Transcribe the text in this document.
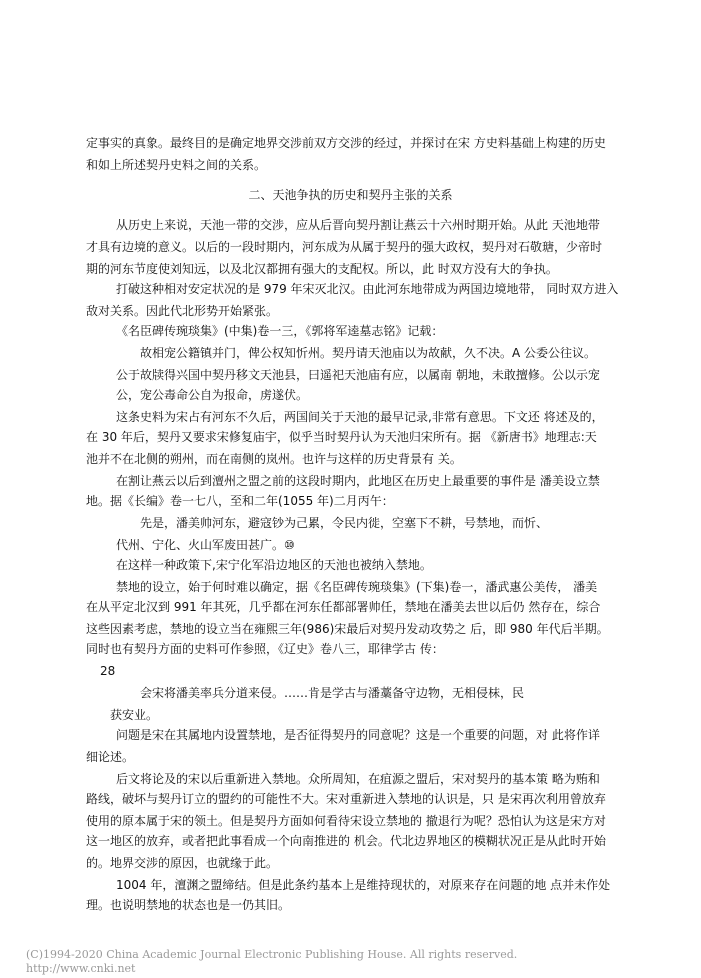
定事实的真象。最终目的是确定地界交涉前双方交涉的经过，并探讨在宋 方史料基础上构建的历史
和如上所述契丹史料之间的关系。
二、天池争执的历史和契丹主张的关系
从历史上来说，天池一带的交涉，应从后晋向契丹割让燕云十六州时期开始。从此 天池地带
才具有边境的意义。以后的一段时期内，河东成为从属于契丹的强大政权，契丹对石敬瑭，少帝时
期的河东节度使刘知远，以及北汉都拥有强大的支配权。所以，此 时双方没有大的争执。
打破这种相对安定状况的是 979 年宋灭北汉。由此河东地带成为两国边境地带， 同时双方进入
敌对关系。因此代北形势开始紧张。
《名臣碑传琬琰集》(中集)卷一三，《郭将军逵墓志铭》记载：
故相宠公籍镇并门，俾公权知忻州。契丹请天池庙以为故献，久不决。A 公委公往议。
公于故牍得兴国中契丹移文天池县，曰遥祀天池庙有应，以属南 朝地，未敢擅修。公以示宠
公，宠公毒命公自为报命，虏遂伏。
这条史料为宋占有河东不久后，两国间关于天池的最早记录,非常有意思。下文还 将述及的，
在 30 年后，契丹又要求宋修复庙宇，似乎当时契丹认为天池归宋所有。据 《新唐书》地理志:天
池并不在北侧的朔州，而在南侧的岚州。也许与这样的历史背景有 关。
在割让燕云以后到澶州之盟之前的这段时期内，此地区在历史上最重要的事件是 潘美设立禁
地。据《长编》卷一七八，至和二年(1055 年)二月丙午：
先是，潘美帅河东，避寇钞为己累，令民内徙，空塞下不耕，号禁地，而忻、
代州、宁化、火山军废田甚广。⑩
在这样一种政策下,宋宁化军沿边地区的天池也被纳入禁地。
禁地的设立，始于何时难以确定，据《名臣碑传琬琰集》(下集)卷一，潘武惠公美传， 潘美
在从平定北汉到 991 年其死，几乎都在河东任都部署帅任，禁地在潘美去世以后仍 然存在，综合
这些因素考虑，禁地的设立当在雍熙三年(986)宋最后对契丹发动攻势之 后，即 980 年代后半期。
同时也有契丹方面的史料可作参照，《辽史》卷八三，耶律学古 传：
28
会宋将潘美率兵分道来侵。……肯是学古与潘藁备守边物，无相侵枺，民
获安业。
问题是宋在其属地内设置禁地，是否征得契丹的同意呢？这是一个重要的问题，对 此将作详
细论述。
后文将论及的宋以后重新进入禁地。众所周知，在疽源之盟后，宋对契丹的基本策 略为贿和
路线，破坏与契丹订立的盟约的可能性不大。宋对重新进入禁地的认识是，只 是宋再次利用曾放弃
使用的原本属于宋的领土。但是契丹方面如何看待宋设立禁地的 撤退行为呢？恐怕认为这是宋方对
这一地区的放弃，或者把此事看成一个向南推进的 机会。代北边界地区的模糊状况正是从此时开始
的。地界交涉的原因，也就缘于此。
1004 年，澶渊之盟缔结。但是此条约基本上是维持现状的，对原来存在问题的地 点并未作处
理。也说明禁地的状态也是一仍其旧。
(C)1994-2020 China Academic Journal Electronic Publishing House. All rights reserved.
http://www.cnki.net
